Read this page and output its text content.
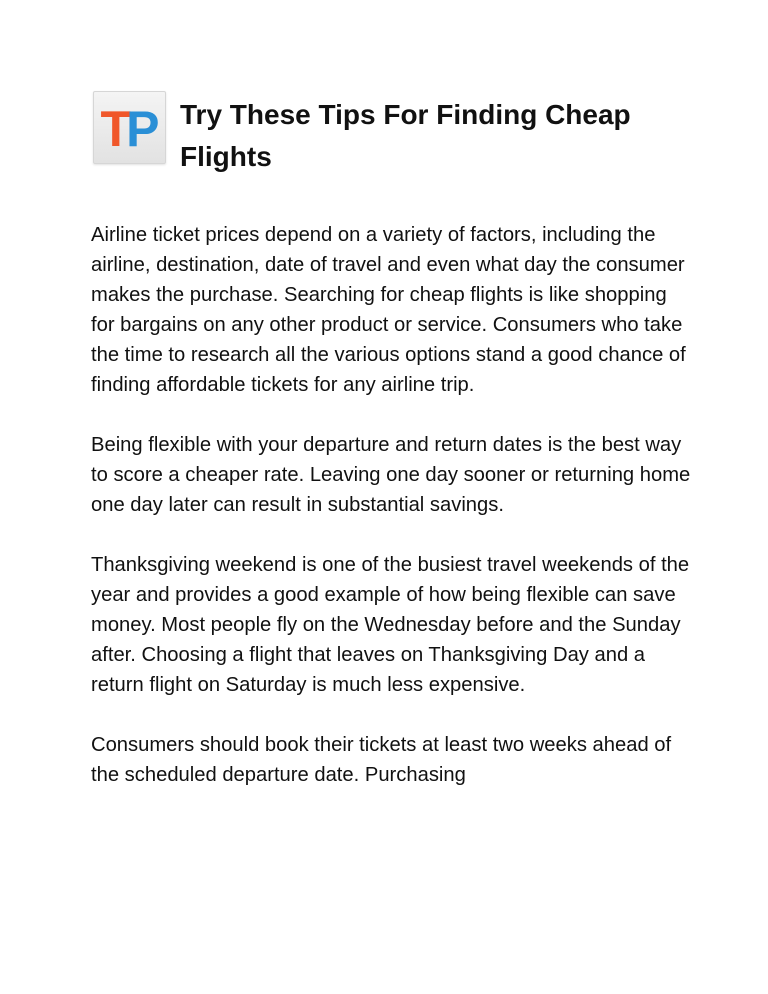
TP Try These Tips For Finding Cheap Flights

Airline ticket prices depend on a variety of factors, including the airline, destination, date of travel and even what day the consumer makes the purchase. Searching for cheap flights is like shopping for bargains on any other product or service. Consumers who take the time to research all the various options stand a good chance of finding affordable tickets for any airline trip.

Being flexible with your departure and return dates is the best way to score a cheaper rate. Leaving one day sooner or returning home one day later can result in substantial savings.

Thanksgiving weekend is one of the busiest travel weekends of the year and provides a good example of how being flexible can save money. Most people fly on the Wednesday before and the Sunday after. Choosing a flight that leaves on Thanksgiving Day and a return flight on Saturday is much less expensive.

Consumers should book their tickets at least two weeks ahead of the scheduled departure date. Purchasing
